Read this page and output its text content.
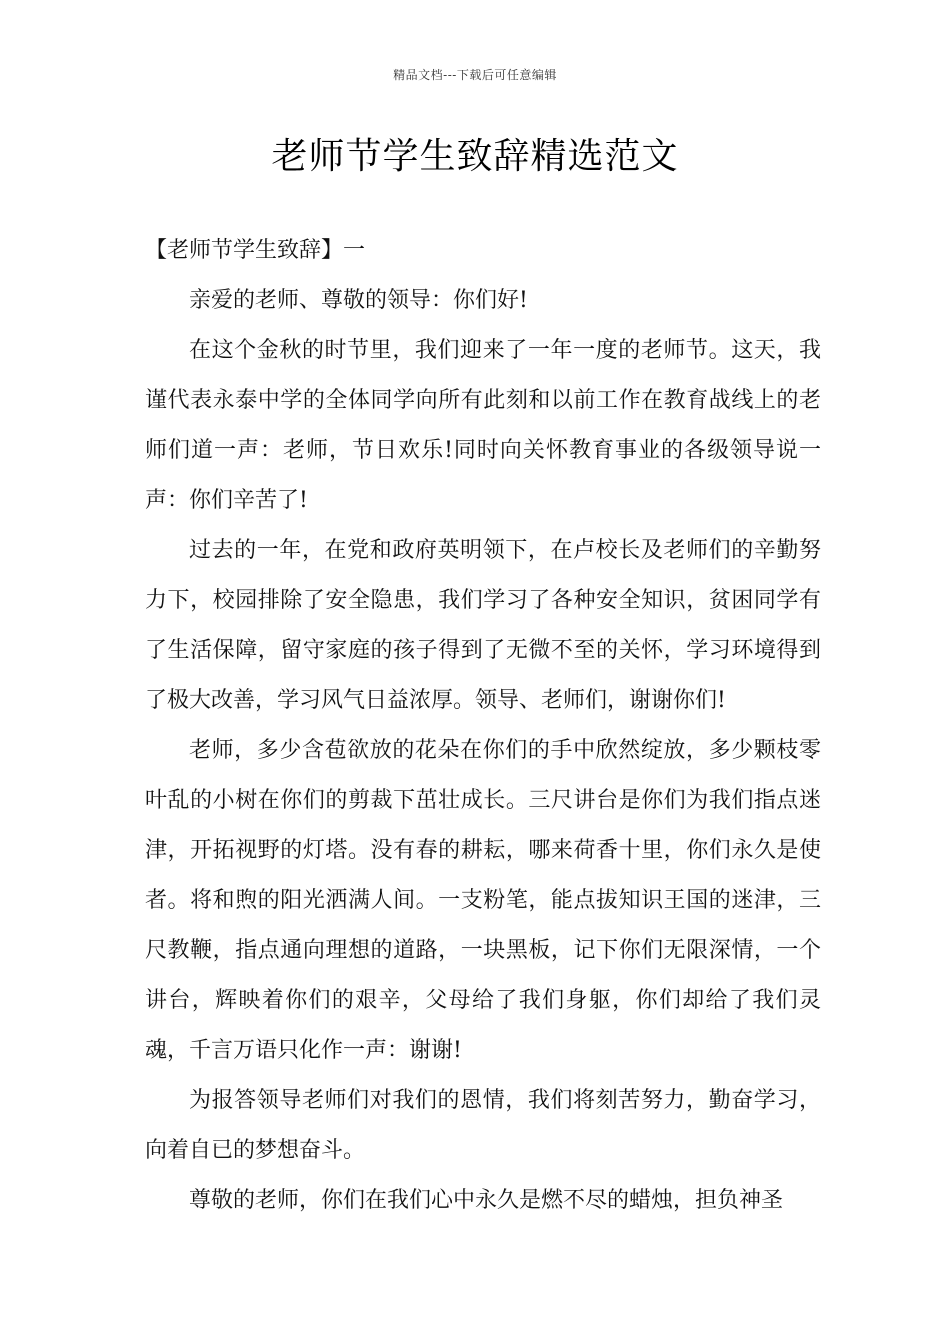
精品文档---下载后可任意编辑
老师节学生致辞精选范文

【老师节学生致辞】一

亲爱的老师、尊敬的领导：你们好!

在这个金秋的时节里，我们迎来了一年一度的老师节。这天，我谨代表永泰中学的全体同学向所有此刻和以前工作在教育战线上的老师们道一声：老师，节日欢乐!同时向关怀教育事业的各级领导说一声：你们辛苦了!

过去的一年，在党和政府英明领下，在卢校长及老师们的辛勤努力下，校园排除了安全隐患，我们学习了各种安全知识，贫困同学有了生活保障，留守家庭的孩子得到了无微不至的关怀，学习环境得到了极大改善，学习风气日益浓厚。领导、老师们，谢谢你们!

老师，多少含苞欲放的花朵在你们的手中欣然绽放，多少颗枝零叶乱的小树在你们的剪裁下茁壮成长。三尺讲台是你们为我们指点迷津，开拓视野的灯塔。没有春的耕耘，哪来荷香十里，你们永久是使者。将和煦的阳光洒满人间。一支粉笔，能点拔知识王国的迷津，三尺教鞭，指点通向理想的道路，一块黑板，记下你们无限深情，一个讲台，辉映着你们的艰辛，父母给了我们身躯，你们却给了我们灵魂，千言万语只化作一声：谢谢!

为报答领导老师们对我们的恩情，我们将刻苦努力，勤奋学习，向着自已的梦想奋斗。

尊敬的老师，你们在我们心中永久是燃不尽的蜡烛，担负神圣
